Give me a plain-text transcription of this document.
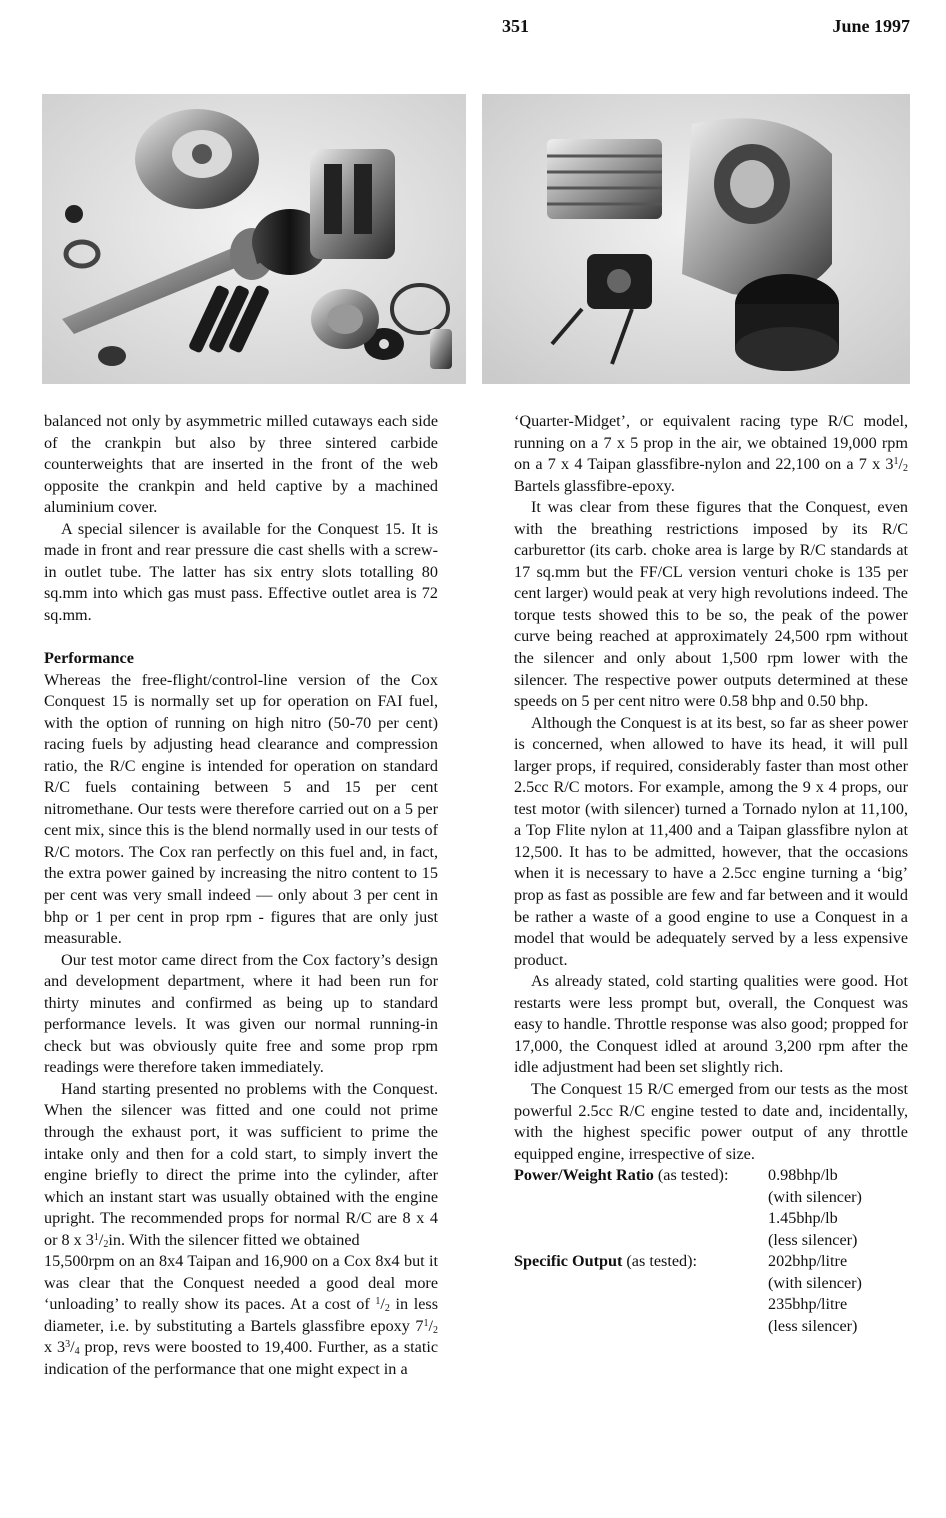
351	June 1997

balanced not only by asymmetric milled cutaways each side of the crankpin but also by three sintered carbide counterweights that are inserted in the front of the web opposite the crankpin and held captive by a machined aluminium cover.

A special silencer is available for the Conquest 15. It is made in front and rear pressure die cast shells with a screw-in outlet tube. The latter has six entry slots totalling 80 sq.mm into which gas must pass. Effective outlet area is 72 sq.mm.

Performance

Whereas the free-flight/control-line version of the Cox Conquest 15 is normally set up for operation on FAI fuel, with the option of running on high nitro (50-70 per cent) racing fuels by adjusting head clearance and compression ratio, the R/C engine is intended for operation on standard R/C fuels containing between 5 and 15 per cent nitromethane. Our tests were therefore carried out on a 5 per cent mix, since this is the blend normally used in our tests of R/C motors. The Cox ran perfectly on this fuel and, in fact, the extra power gained by increasing the nitro content to 15 per cent was very small indeed — only about 3 per cent in bhp or 1 per cent in prop rpm - figures that are only just measurable.

Our test motor came direct from the Cox factory’s design and development department, where it had been run for thirty minutes and confirmed as being up to standard performance levels. It was given our normal running-in check but was obviously quite free and some prop rpm readings were therefore taken immediately.

Hand starting presented no problems with the Conquest. When the silencer was fitted and one could not prime through the exhaust port, it was sufficient to prime the intake only and then for a cold start, to simply invert the engine briefly to direct the prime into the cylinder, after which an instant start was usually obtained with the engine upright. The recommended props for normal R/C are 8 x 4 or 8 x $3^1/_2in$. With the silencer fitted we obtained

15,500rpm on an 8x4 Taipan and 16,900 on a Cox 8x4 but it was clear that the Conquest needed a good deal more ‘unloading’ to really show its paces. At a cost of $^1/_2$ in less diameter, i.e. by substituting a Bartels glassfibre epoxy $7^1/_2$ x $3^3/_4$ prop, revs were boosted to 19,400. Further, as a static indication of the performance that one might expect in a

‘Quarter-Midget’, or equivalent racing type R/C model, running on a 7 x 5 prop in the air, we obtained 19,000 rpm on a 7 x 4 Taipan glassfibre-nylon and 22,100 on a 7 x $3^1/_2$ Bartels glassfibre-epoxy.

It was clear from these figures that the Conquest, even with the breathing restrictions imposed by its R/C carburettor (its carb. choke area is large by R/C standards at 17 sq.mm but the FF/CL version venturi choke is 135 per cent larger) would peak at very high revolutions indeed. The torque tests showed this to be so, the peak of the power curve being reached at approximately 24,500 rpm without the silencer and only about 1,500 rpm lower with the silencer. The respective power outputs determined at these speeds on 5 per cent nitro were 0.58 bhp and 0.50 bhp.

Although the Conquest is at its best, so far as sheer power is concerned, when allowed to have its head, it will pull larger props, if required, considerably faster than most other 2.5cc R/C motors. For example, among the 9 x 4 props, our test motor (with silencer) turned a Tornado nylon at 11,100, a Top Flite nylon at 11,400 and a Taipan glassfibre nylon at 12,500. It has to be admitted, however, that the occasions when it is necessary to have a 2.5cc engine turning a ‘big’ prop as fast as possible are few and far between and it would be rather a waste of a good engine to use a Conquest in a model that would be adequately served by a less expensive product.

As already stated, cold starting qualities were good. Hot restarts were less prompt but, overall, the Conquest was easy to handle. Throttle response was also good; propped for 17,000, the Conquest idled at around 3,200 rpm after the idle adjustment had been set slightly rich.

The Conquest 15 R/C emerged from our tests as the most powerful 2.5cc R/C engine tested to date and, incidentally, with the highest specific power output of any throttle equipped engine, irrespective of size.

Power/Weight Ratio (as tested):	0.98bhp/lb
	(with silencer)
	1.45bhp/lb
	(less silencer)
Specific Output (as tested):	202bhp/litre
	(with silencer)
	235bhp/litre
	(less silencer)
